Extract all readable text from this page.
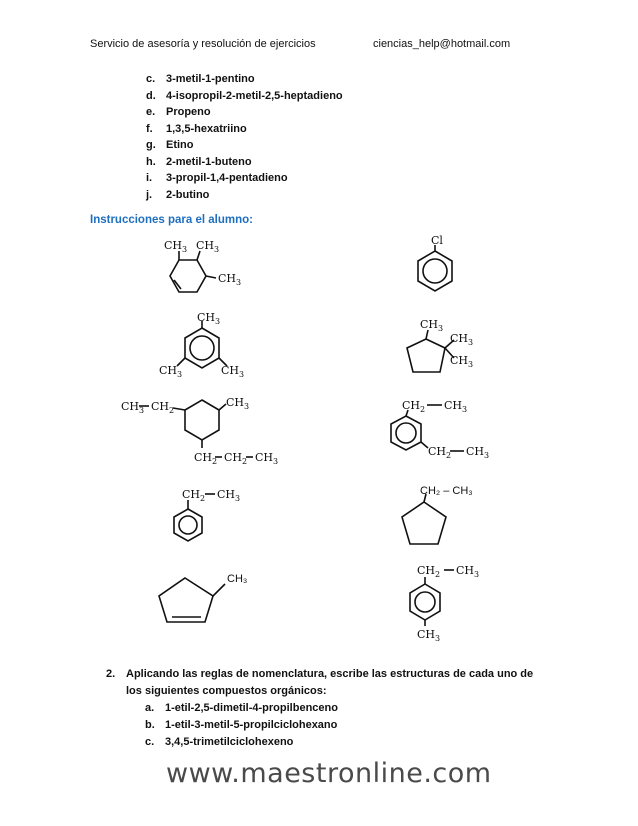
Servicio de asesoría y resolución de ejercicios	ciencias_help@hotmail.com
c. 3-metil-1-pentino
d. 4-isopropil-2-metil-2,5-heptadieno
e. Propeno
f.	1,3,5-hexatriino
g. Etino
h. 2-metil-1-buteno
i.	3-propil-1,4-pentadieno
j.	2-butino
Instrucciones para el alumno:
$CH_3$ $CH_3$
$CH_3$
Cl
$CH_3$
$CH_3$	$CH_3$
$CH_3$
$CH_3$
$CH_3$
$CH_3$ $CH_2$
$CH_3$
$CH_2$ $CH_2$ $CH_3$
$CH_2$ $CH_3$
$CH_2$ $CH_3$
$CH_2$ $CH_3$
CH₂ – CH₃
CH₃
$CH_2$ $CH_3$
$CH_3$
2. Aplicando las reglas de nomenclatura, escribe las estructuras de cada uno de
los siguientes compuestos orgánicos:
a. 1-etil-2,5-dimetil-4-propilbenceno
b. 1-etil-3-metil-5-propilciclohexano
c. 3,4,5-trimetilciclohexeno
www.maestronline.com
